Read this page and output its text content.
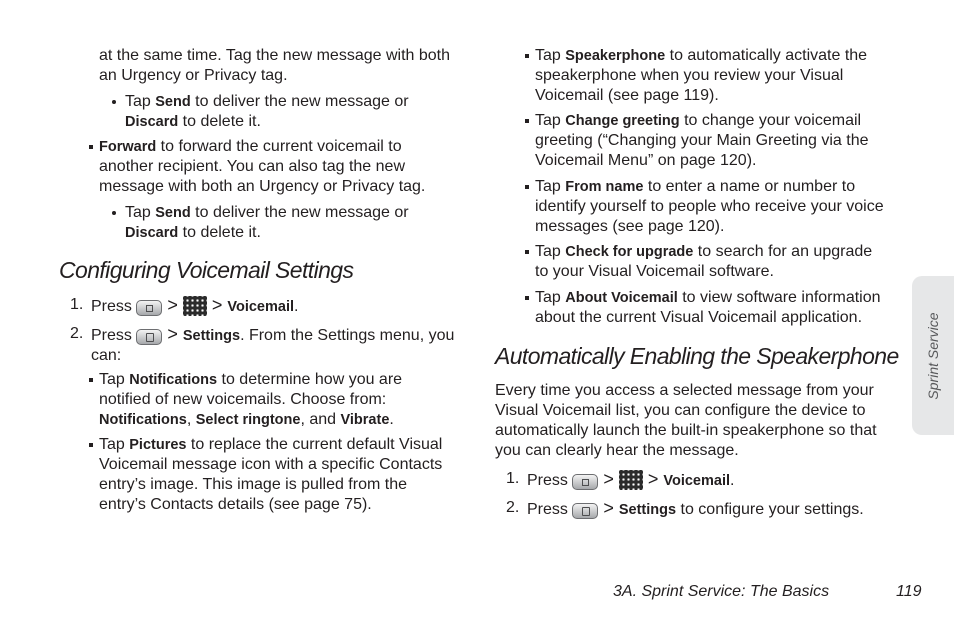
at the same time. Tag the new message with both
an Urgency or Privacy tag.

Tap Send to deliver the new message or
Discard to delete it.

Forward to forward the current voicemail to
another recipient. You can also tag the new
message with both an Urgency or Privacy tag.

Tap Send to deliver the new message or
Discard to delete it.

Configuring Voicemail Settings
1. Press  >  > Voicemail.

2. Press  > Settings. From the Settings menu, you
can:

Tap Notifications to determine how you are
notified of new voicemails. Choose from:
Notifications, Select ringtone, and Vibrate.

Tap Pictures to replace the current default Visual
Voicemail message icon with a specific Contacts
entry’s image. This image is pulled from the
entry’s Contacts details (see page 75).

Tap Speakerphone to automatically activate the
speakerphone when you review your Visual
Voicemail (see page 119).

Tap Change greeting to change your voicemail
greeting (“Changing your Main Greeting via the
Voicemail Menu” on page 120).

Tap From name to enter a name or number to
identify yourself to people who receive your voice
messages (see page 120).

Tap Check for upgrade to search for an upgrade
to your Visual Voicemail software.

Tap About Voicemail to view software information
about the current Visual Voicemail application.

Automatically Enabling the Speakerphone

Every time you access a selected message from your
Visual Voicemail list, you can configure the device to
automatically launch the built-in speakerphone so that
you can clearly hear the message.

1. Press  >  > Voicemail.

2. Press  > Settings to configure your settings.

Sprint Service
3A. Sprint Service: The Basics	119
